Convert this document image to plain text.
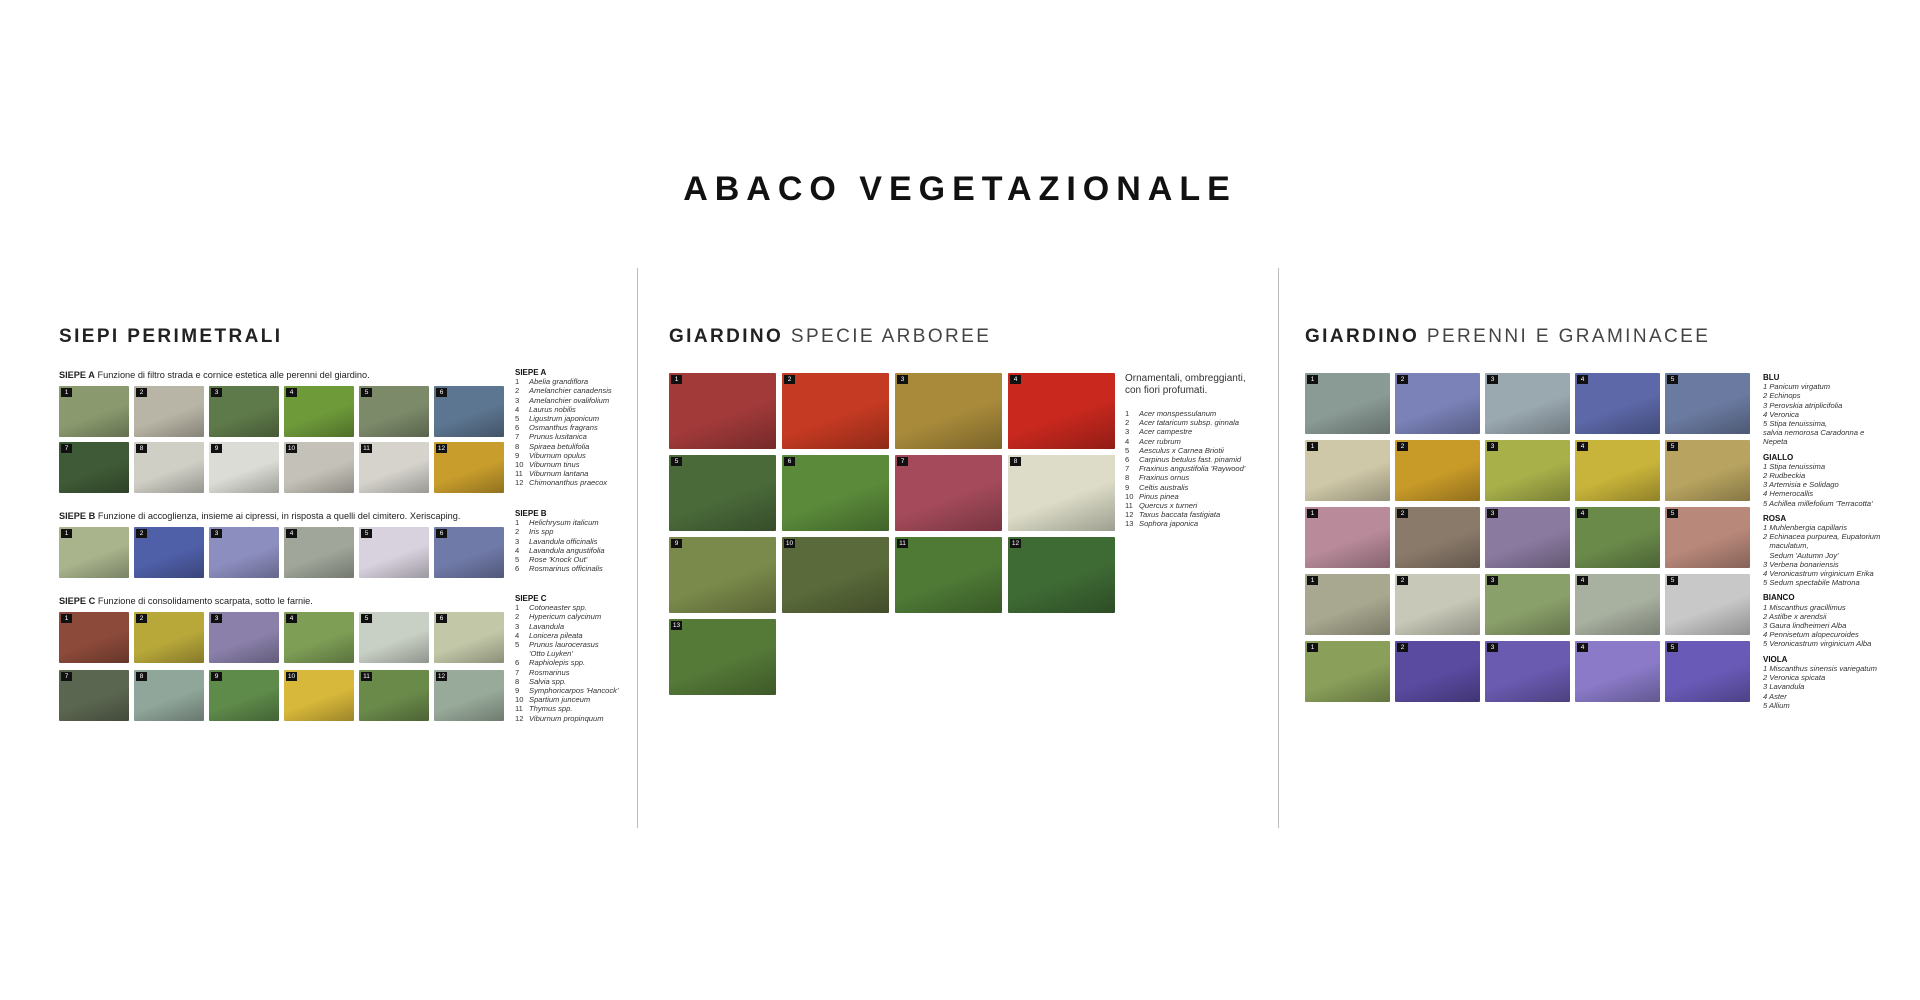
ABACO VEGETAZIONALE
SIEPI PERIMETRALI
SIEPE A Funzione di filtro strada e cornice estetica alle perenni del giardino.
1	2	3	4	5	6
7	8	9	10	11	12
SIEPE A
1	Abelia grandiflora
2	Amelanchier canadensis
3	Amelanchier ovalifolium
4	Laurus nobilis
5	Ligustrum japonicum
6	Osmanthus fragrans
7	Prunus lusitanica
8	Spiraea betulifolia
9	Viburnum opulus
10 Viburnum tinus
11 Viburnum lantana
12 Chimonanthus praecox
SIEPE B Funzione di accoglienza, insieme ai cipressi, in risposta a quelli del cimitero. Xeriscaping.
1	2	3	4	5	6
SIEPE B
1	Helichrysum italicum
2	Iris spp
3	Lavandula officinalis
4	Lavandula angustifolia
5	Rose 'Knock Out'
6	Rosmarinus officinalis
SIEPE C Funzione di consolidamento scarpata, sotto le farnie.
1	2	3	4	5	6
7	8	9	10	11	12
SIEPE C
1	Cotoneaster spp.
2	Hypericum calycinum
3	Lavandula
4	Lonicera pileata
5	Prunus laurocerasus
'Otto Luyken'
6	Raphiolepis spp.
7	Rosmarinus
8	Salvia spp.
9	Symphoricarpos 'Hancock'
10 Spartium junceum
11 Thymus spp.
12 Viburnum propinquum
GIARDINO SPECIE ARBOREE
1	2	3	4
5	6	7	8
9	10	11	12
13
Ornamentali, ombreggianti,
con fiori profumati.
1	Acer monspessulanum
2	Acer tataricum subsp. ginnala
3	Acer campestre
4	Acer rubrum
5	Aesculus x Carnea Briotii
6	Carpinus betulus fast. pinamid
7	Fraxinus angustifolia 'Raywood'
8	Fraxinus ornus
9	Celtis australis
10 Pinus pinea
11 Quercus x turneri
12 Taxus baccata fastigiata
13 Sophora japonica
GIARDINO PERENNI E GRAMINACEE
1	2	3	4	5
1	2	3	4	5
1	2	3	4	5
1	2	3	4	5
1	2	3	4	5
BLU
1 Panicum virgatum
2 Echinops
3 Perovskia atriplicifolia
4 Veronica
5 Stipa tenuissima,
salvia nemorosa Caradonna e
Nepeta
GIALLO
1 Stipa tenuissima
2 Rudbeckia
3 Artemisia e Solidago
4 Hemerocallis
5 Achillea millefolium 'Terracotta'
ROSA
1 Muhlenbergia capillaris
2 Echinacea purpurea, Eupatorium
maculatum,
Sedum 'Autumn Joy'
3 Verbena bonariensis
4 Veronicastrum virginicum Erika
5 Sedum spectabile Matrona
BIANCO
1 Miscanthus gracillimus
2 Astilbe x arendsii
3 Gaura lindheimeri Alba
4 Pennisetum alopecuroides
5 Veronicastrum virginicum Alba
VIOLA
1 Miscanthus sinensis variegatum
2 Veronica spicata
3 Lavandula
4 Aster
5 Allium
